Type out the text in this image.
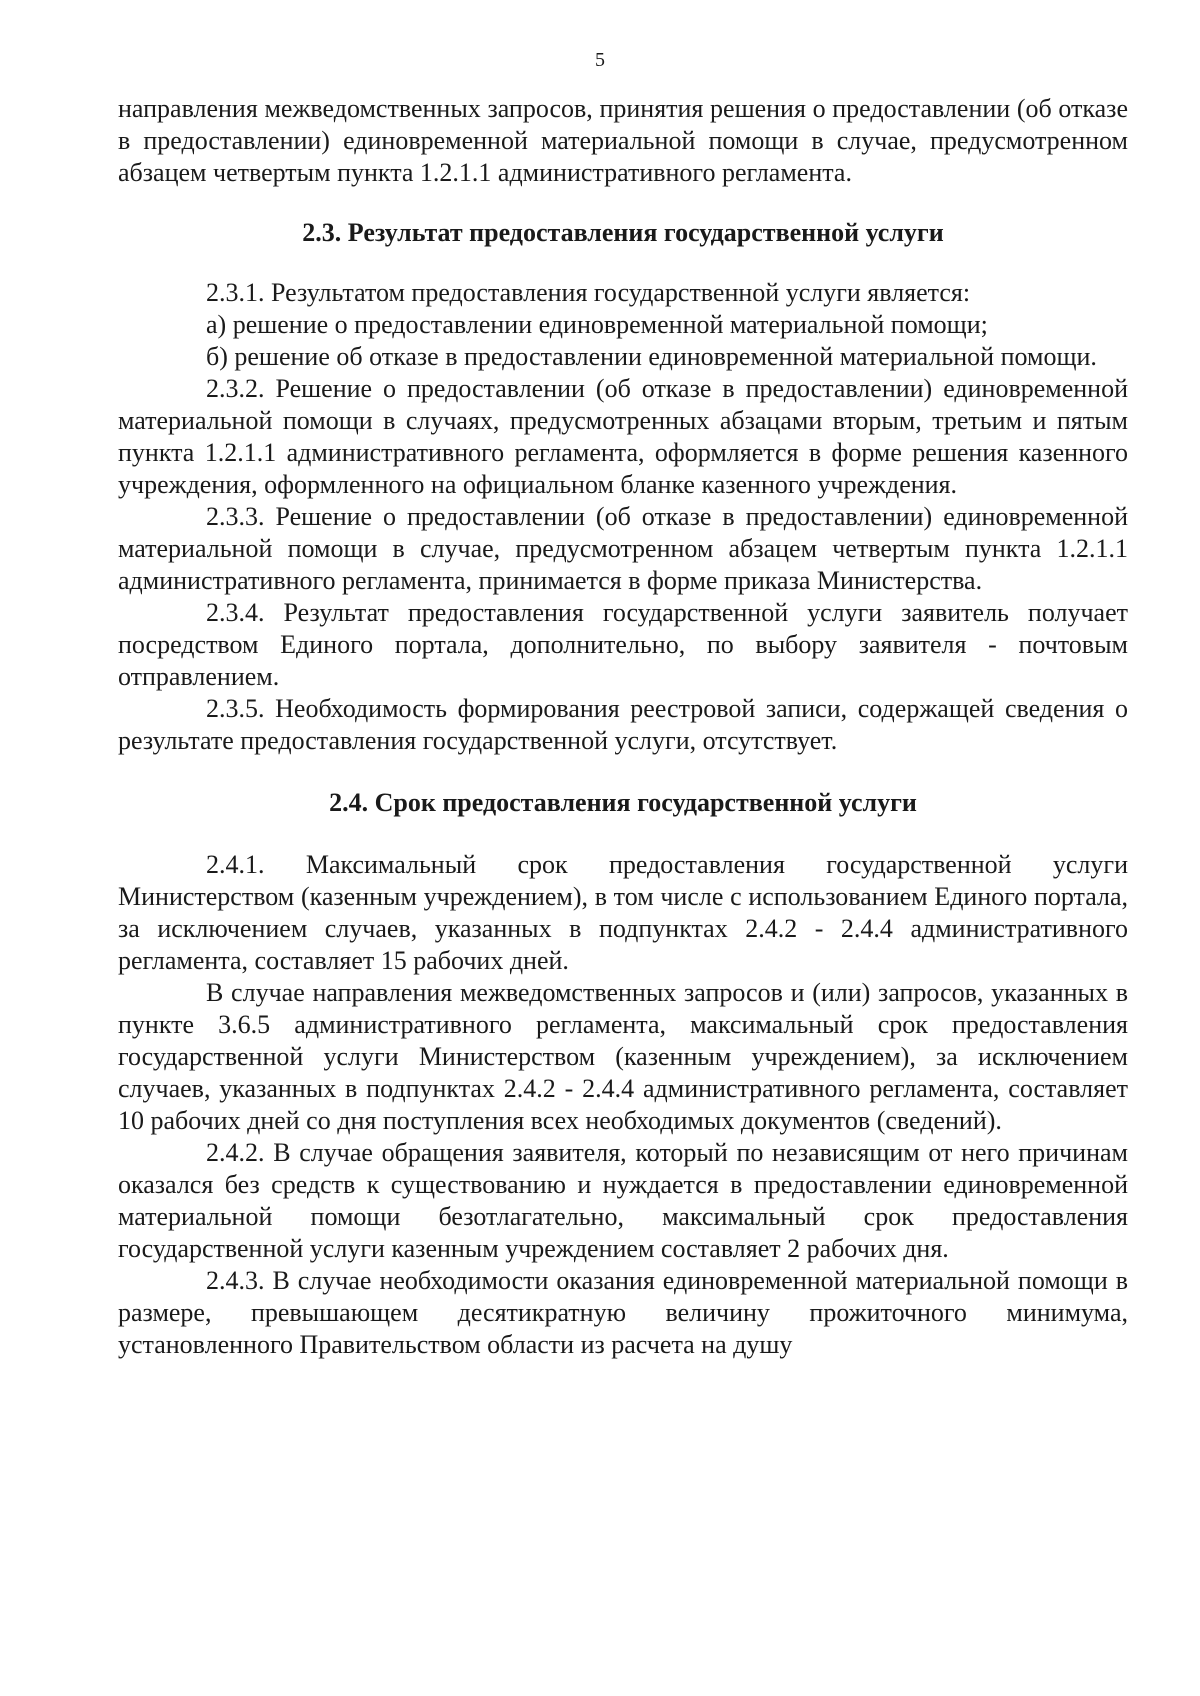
5

направления межведомственных запросов, принятия решения о предоставлении (об отказе в предоставлении) единовременной материальной помощи в случае, предусмотренном абзацем четвертым пункта 1.2.1.1 административного регламента.

2.3. Результат предоставления государственной услуги

2.3.1. Результатом предоставления государственной услуги является:

а) решение о предоставлении единовременной материальной помощи;

б) решение об отказе в предоставлении единовременной материальной помощи.

2.3.2. Решение о предоставлении (об отказе в предоставлении) единовременной материальной помощи в случаях, предусмотренных абзацами вторым, третьим и пятым пункта 1.2.1.1 административного регламента, оформляется в форме решения казенного учреждения, оформленного на официальном бланке казенного учреждения.

2.3.3. Решение о предоставлении (об отказе в предоставлении) единовременной материальной помощи в случае, предусмотренном абзацем четвертым пункта 1.2.1.1 административного регламента, принимается в форме приказа Министерства.

2.3.4. Результат предоставления государственной услуги заявитель получает посредством Единого портала, дополнительно, по выбору заявителя - почтовым отправлением.

2.3.5. Необходимость формирования реестровой записи, содержащей сведения о результате предоставления государственной услуги, отсутствует.

2.4. Срок предоставления государственной услуги

2.4.1. Максимальный срок предоставления государственной услуги Министерством (казенным учреждением), в том числе с использованием Единого портала, за исключением случаев, указанных в подпунктах 2.4.2 - 2.4.4 административного регламента, составляет 15 рабочих дней.

В случае направления межведомственных запросов и (или) запросов, указанных в пункте 3.6.5 административного регламента, максимальный срок предоставления государственной услуги Министерством (казенным учреждением), за исключением случаев, указанных в подпунктах 2.4.2 - 2.4.4 административного регламента, составляет 10 рабочих дней со дня поступления всех необходимых документов (сведений).

2.4.2. В случае обращения заявителя, который по независящим от него причинам оказался без средств к существованию и нуждается в предоставлении единовременной материальной помощи безотлагательно, максимальный срок предоставления государственной услуги казенным учреждением составляет 2 рабочих дня.

2.4.3. В случае необходимости оказания единовременной материальной помощи в размере, превышающем десятикратную величину прожиточного минимума, установленного Правительством области из расчета на душу
